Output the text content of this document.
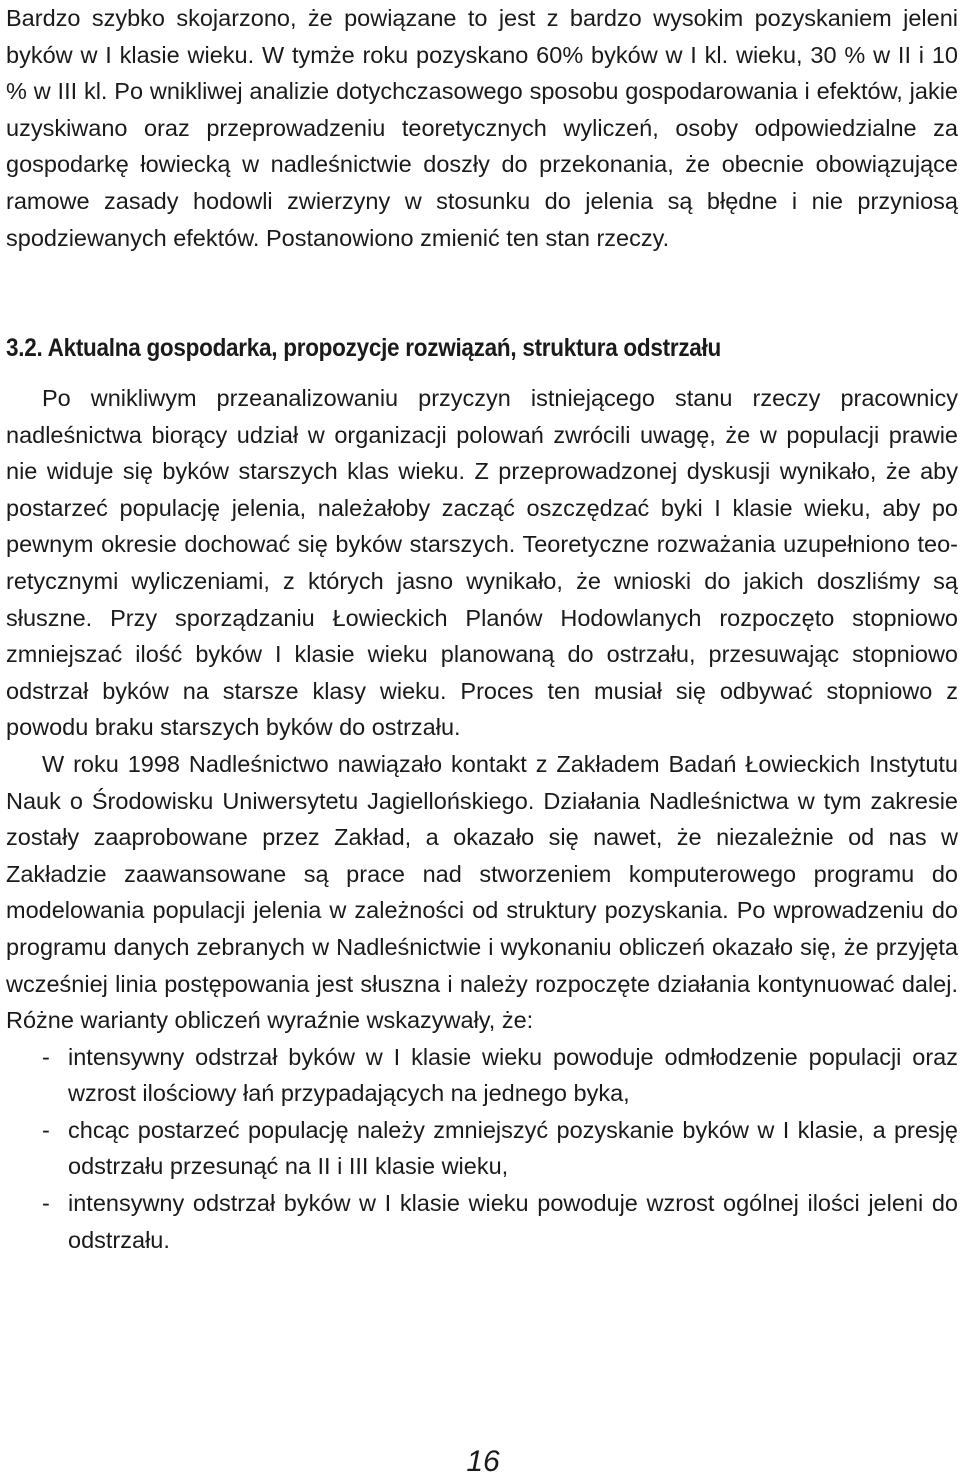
Bardzo szybko skojarzono, że powiązane to jest z bardzo wysokim pozyskaniem jeleni byków w I klasie wieku. W tymże roku pozyskano 60% byków w I kl. wieku, 30 % w II i 10 % w III kl. Po wnikliwej analizie dotychczasowego sposobu gospodarowania i efektów, jakie uzyskiwano oraz przeprowadzeniu teoretycznych wyliczeń, osoby odpowiedzialne za gospodarkę łowiecką w nadleśnictwie doszły do przekonania, że obecnie obowiązujące ramowe zasady hodowli zwierzyny w stosunku do jelenia są błędne i nie przyniosą spodziewanych efektów. Postanowiono zmienić ten stan rzeczy.

3.2. Aktualna gospodarka, propozycje rozwiązań, struktura odstrzału

Po wnikliwym przeanalizowaniu przyczyn istniejącego stanu rzeczy pracownicy nadleśnictwa biorący udział w organizacji polowań zwrócili uwagę, że w populacji prawie nie widuje się byków starszych klas wieku. Z przeprowadzonej dyskusji wynikało, że aby postarzeć populację jelenia, należałoby zacząć oszczędzać byki I klasie wieku, aby po pewnym okresie dochować się byków starszych. Teoretyczne rozważania uzupełniono teoretycznymi wyliczeniami, z których jasno wynikało, że wnioski do jakich doszliśmy są słuszne. Przy sporządzaniu Łowieckich Planów Hodowlanych rozpoczęto stopniowo zmniejszać ilość byków I klasie wieku planowaną do ostrzału, przesuwając stopniowo odstrzał byków na starsze klasy wieku. Proces ten musiał się odbywać stopniowo z powodu braku starszych byków do ostrzału.

W roku 1998 Nadleśnictwo nawiązało kontakt z Zakładem Badań Łowieckich Instytutu Nauk o Środowisku Uniwersytetu Jagiellońskiego. Działania Nadleśnictwa w tym zakresie zostały zaaprobowane przez Zakład, a okazało się nawet, że niezależnie od nas w Zakładzie zaawansowane są prace nad stworzeniem komputerowego programu do modelowania populacji jelenia w zależności od struktury pozyskania. Po wprowadzeniu do programu danych zebranych w Nadleśnictwie i wykonaniu obliczeń okazało się, że przyjęta wcześniej linia postępowania jest słuszna i należy rozpoczęte działania kontynuować dalej. Różne warianty obliczeń wyraźnie wskazywały, że:

- intensywny odstrzał byków w I klasie wieku powoduje odmłodzenie populacji oraz wzrost ilościowy łań przypadających na jednego byka,
- chcąc postarzeć populację należy zmniejszyć pozyskanie byków w I klasie, a presję odstrzału przesunąć na II i III klasie wieku,
- intensywny odstrzał byków w I klasie wieku powoduje wzrost ogólnej ilości jeleni do odstrzału.
16
